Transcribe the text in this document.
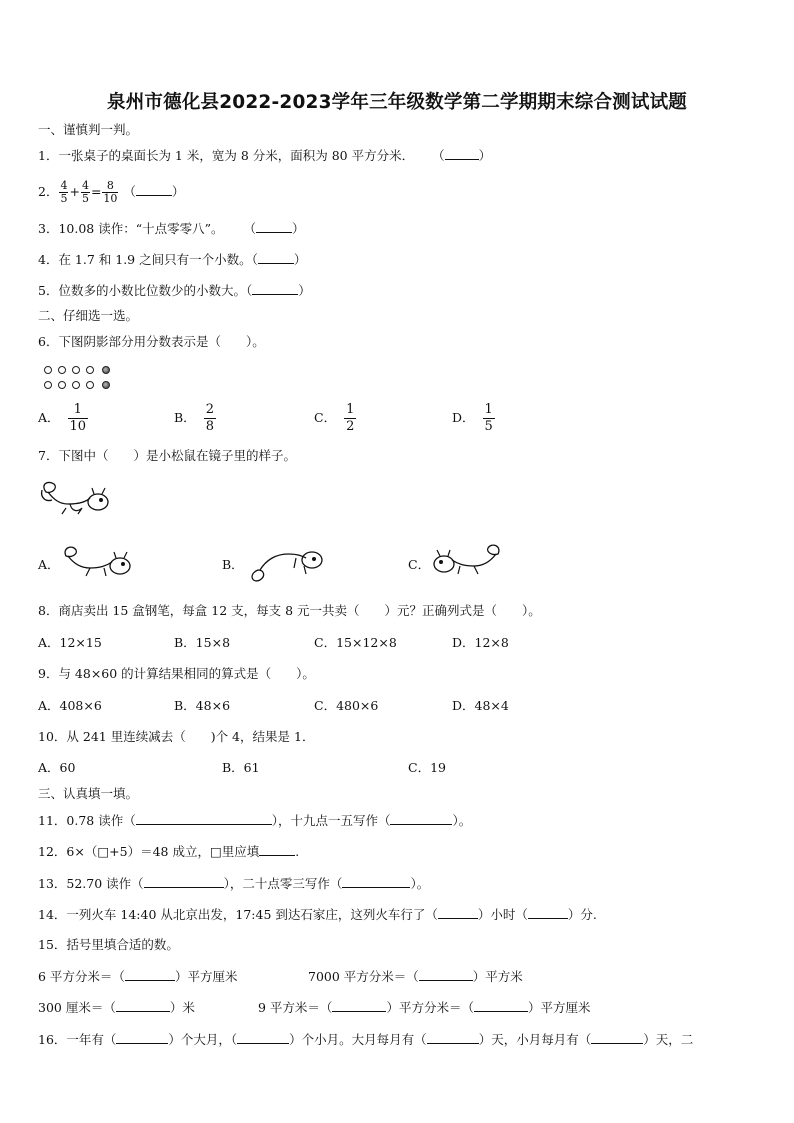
泉州市德化县2022-2023学年三年级数学第二学期期末综合测试试题
一、谨慎判一判。
1．一张桌子的桌面长为 1 米，宽为 8 分米，面积为 80 平方分米． （	）
2． $\frac{4}{5} + \frac{4}{5} = \frac{8}{10}$ （	）
3．10.08 读作：“十点零零八”。 （	）
4．在 1.7 和 1.9 之间只有一个小数。（	）
5．位数多的小数比位数少的小数大。（	）
二、仔细选一选。
6．下图阴影部分用分数表示是（　　）。
A． $\frac{1}{10}$	B． $\frac{2}{8}$	C． $\frac{1}{2}$	D． $\frac{1}{5}$
7．下图中（　　）是小松鼠在镜子里的样子。
A．	B．	C．
8．商店卖出 15 盒钢笔，每盒 12 支，每支 8 元一共卖（　　）元？正确列式是（　　）。
A．12×15	B．15×8	C．15×12×8	D．12×8
9．与 48×60 的计算结果相同的算式是（　　）。
A．408×6	B．48×6	C．480×6	D．48×4
10．从 241 里连续减去（　　)个 4，结果是 1．
A．60	B．61	C．19
三、认真填一填。
11．0.78 读作（	），十九点一五写作（	）。
12．6×（□+5）＝48 成立，□里应填	.
13．52.70 读作（	），二十点零三写作（	）。
14．一列火车 14:40 从北京出发，17:45 到达石家庄，这列火车行了（	）小时（	）分.
15．括号里填合适的数。
6 平方分米＝（	）平方厘米	7000 平方分米＝（	）平方米
300 厘米＝（	）米	9 平方米＝（	）平方分米＝（	）平方厘米
16．一年有（	）个大月，（	）个小月。大月每月有（	）天，小月每月有（	）天，二
